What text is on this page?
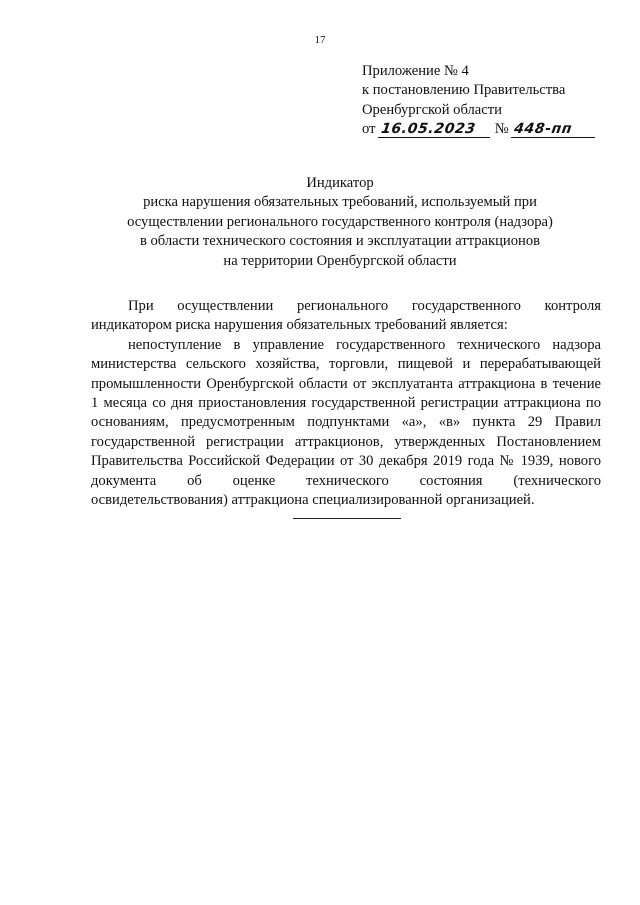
17
Приложение № 4
к постановлению Правительства
Оренбургской области
от 16.05.2023 № 448-пп
Индикатор
риска нарушения обязательных требований, используемый при
осуществлении регионального государственного контроля (надзора)
в области технического состояния и эксплуатации аттракционов
на территории Оренбургской области

При осуществлении регионального государственного контроля индикатором риска нарушения обязательных требований является:

непоступление в управление государственного технического надзора министерства сельского хозяйства, торговли, пищевой и перерабатывающей промышленности Оренбургской области от эксплуатанта аттракциона в течение 1 месяца со дня приостановления государственной регистрации аттракциона по основаниям, предусмотренным подпунктами «а», «в» пункта 29 Правил государственной регистрации аттракционов, утвержденных Постановлением Правительства Российской Федерации от 30 декабря 2019 года № 1939, нового документа об оценке технического состояния (технического освидетельствования) аттракциона специализированной организацией.
